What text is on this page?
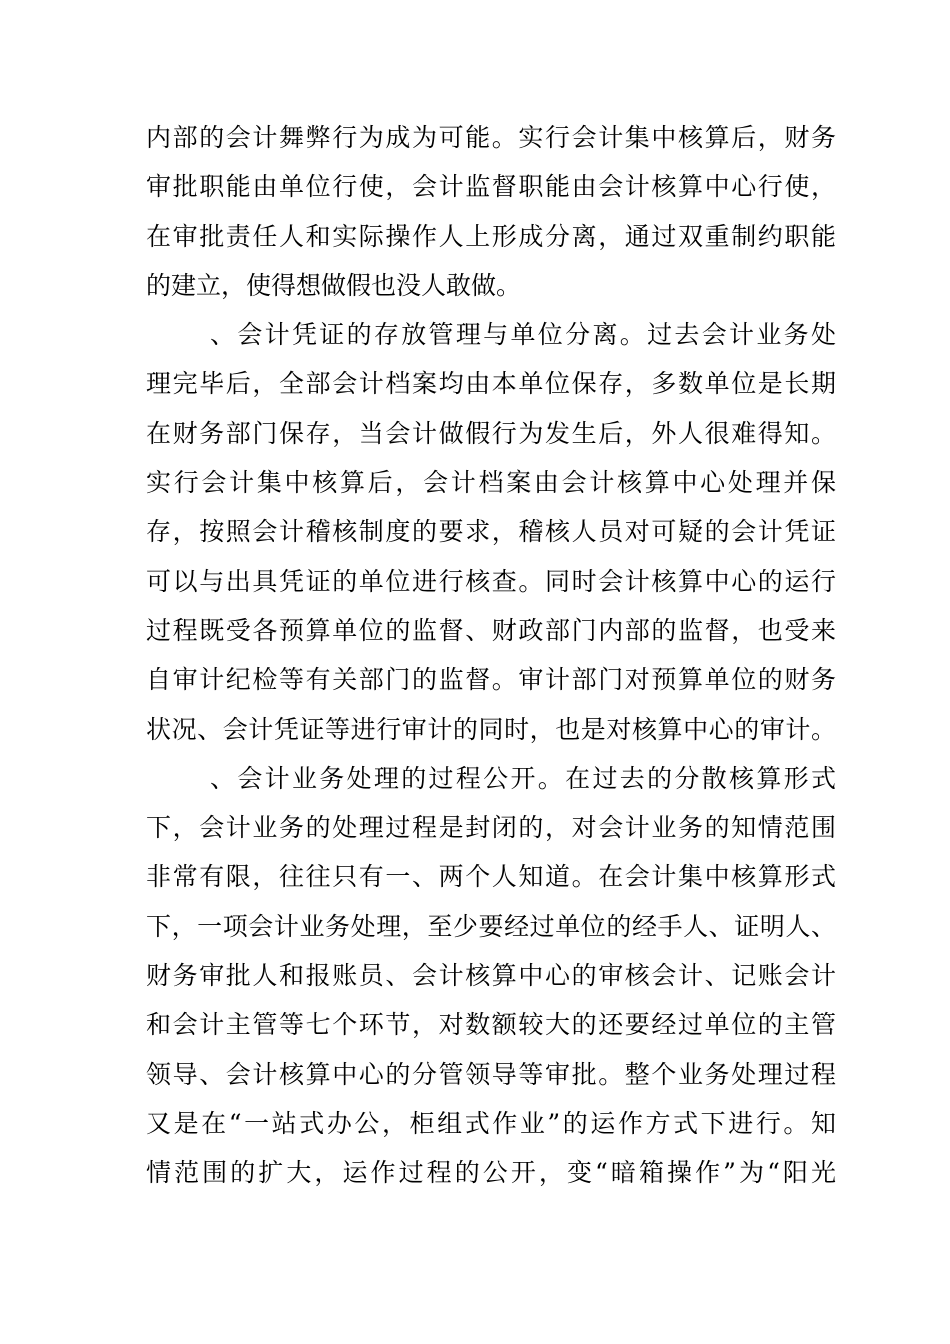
内部的会计舞弊行为成为可能。实行会计集中核算后，财务
审批职能由单位行使，会计监督职能由会计核算中心行使，
在审批责任人和实际操作人上形成分离，通过双重制约职能
的建立，使得想做假也没人敢做。
、会计凭证的存放管理与单位分离。过去会计业务处
理完毕后，全部会计档案均由本单位保存，多数单位是长期
在财务部门保存，当会计做假行为发生后，外人很难得知。
实行会计集中核算后，会计档案由会计核算中心处理并保
存，按照会计稽核制度的要求，稽核人员对可疑的会计凭证
可以与出具凭证的单位进行核查。同时会计核算中心的运行
过程既受各预算单位的监督、财政部门内部的监督，也受来
自审计纪检等有关部门的监督。审计部门对预算单位的财务
状况、会计凭证等进行审计的同时，也是对核算中心的审计。
、会计业务处理的过程公开。在过去的分散核算形式
下，会计业务的处理过程是封闭的，对会计业务的知情范围
非常有限，往往只有一、两个人知道。在会计集中核算形式
下，一项会计业务处理，至少要经过单位的经手人、证明人、
财务审批人和报账员、会计核算中心的审核会计、记账会计
和会计主管等七个环节，对数额较大的还要经过单位的主管
领导、会计核算中心的分管领导等审批。整个业务处理过程
又是在“一站式办公，柜组式作业”的运作方式下进行。知
情范围的扩大，运作过程的公开，变“暗箱操作”为“阳光
